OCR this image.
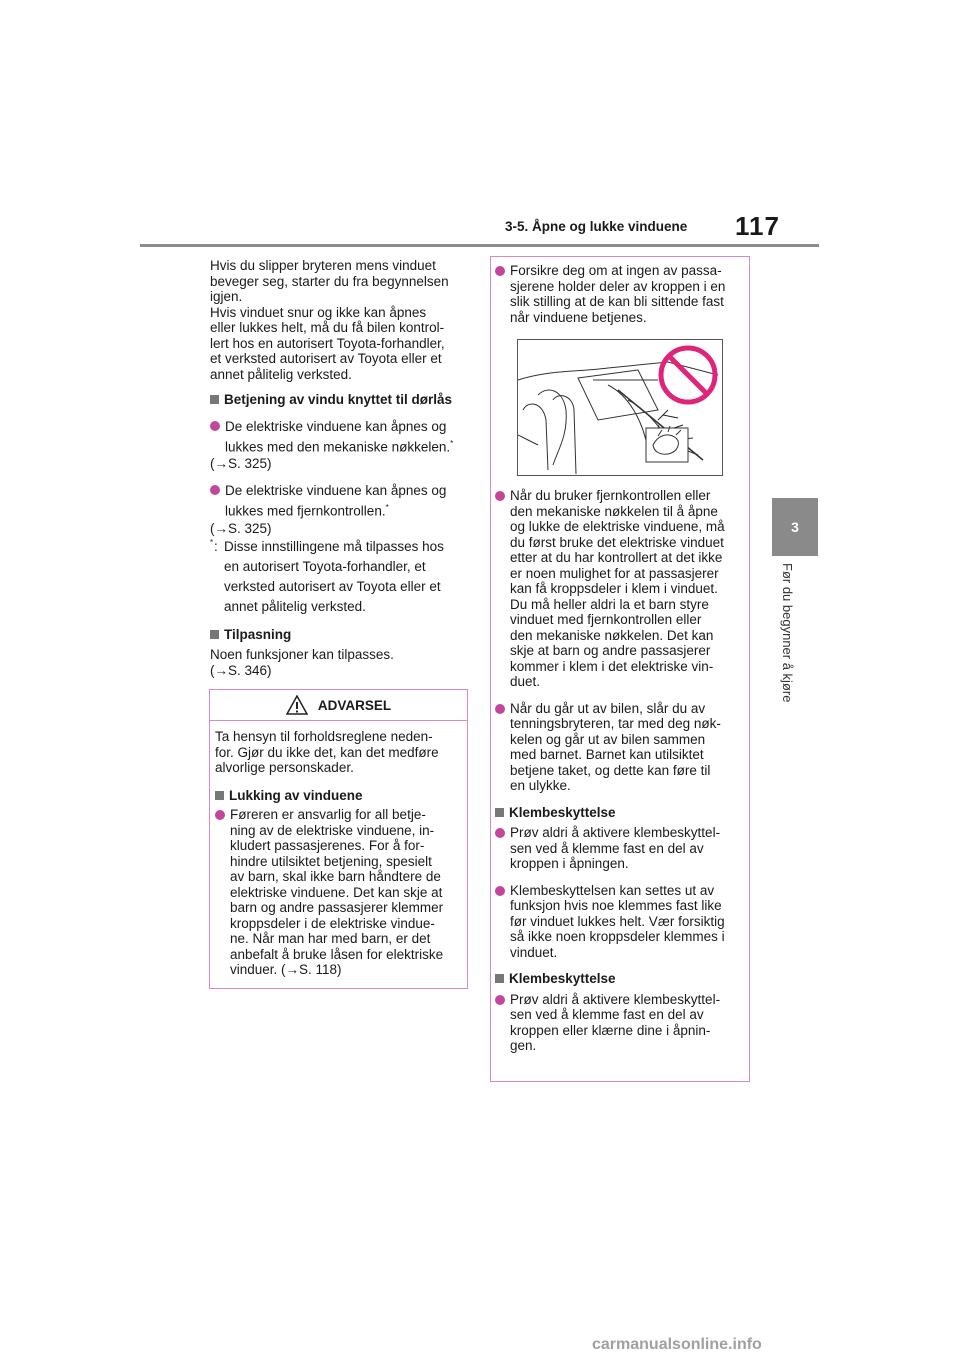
3-5. Åpne og lukke vinduene 117
3
Før du begynner å kjøre

Hvis du slipper bryteren mens vinduet
beveger seg, starter du fra begynnelsen
igjen.
Hvis vinduet snur og ikke kan åpnes
eller lukkes helt, må du få bilen kontrol-
lert hos en autorisert Toyota-forhandler,
et verksted autorisert av Toyota eller et
annet pålitelig verksted.

Betjening av vindu knyttet til dørlås

De elektriske vinduene kan åpnes og
lukkes med den mekaniske nøkkelen.*
(→S. 325)
De elektriske vinduene kan åpnes og
lukkes med fjernkontrollen.*
(→S. 325)
* : Disse innstillingene må tilpasses hos
en autorisert Toyota-forhandler, et
verksted autorisert av Toyota eller et
annet pålitelig verksted.

Tilpasning

Noen funksjoner kan tilpasses.
(→S. 346)

ADVARSEL

Ta hensyn til forholdsreglene neden-
for. Gjør du ikke det, kan det medføre
alvorlige personskader.

Lukking av vinduene

Føreren er ansvarlig for all betje-
ning av de elektriske vinduene, in-
kludert passasjerenes. For å for-
hindre utilsiktet betjening, spesielt
av barn, skal ikke barn håndtere de
elektriske vinduene. Det kan skje at
barn og andre passasjerer klemmer
kroppsdeler i de elektriske vindue-
ne. Når man har med barn, er det
anbefalt å bruke låsen for elektriske
vinduer. (→S. 118)
Forsikre deg om at ingen av passa-
sjerene holder deler av kroppen i en
slik stilling at de kan bli sittende fast
når vinduene betjenes.
Når du bruker fjernkontrollen eller
den mekaniske nøkkelen til å åpne
og lukke de elektriske vinduene, må
du først bruke det elektriske vinduet
etter at du har kontrollert at det ikke
er noen mulighet for at passasjerer
kan få kroppsdeler i klem i vinduet.
Du må heller aldri la et barn styre
vinduet med fjernkontrollen eller
den mekaniske nøkkelen. Det kan
skje at barn og andre passasjerer
kommer i klem i det elektriske vin-
duet.
Når du går ut av bilen, slår du av
tenningsbryteren, tar med deg nøk-
kelen og går ut av bilen sammen
med barnet. Barnet kan utilsiktet
betjene taket, og dette kan føre til
en ulykke.

Klembeskyttelse

Prøv aldri å aktivere klembeskyttel-
sen ved å klemme fast en del av
kroppen i åpningen.
Klembeskyttelsen kan settes ut av
funksjon hvis noe klemmes fast like
før vinduet lukkes helt. Vær forsiktig
så ikke noen kroppsdeler klemmes i
vinduet.

Klembeskyttelse

Prøv aldri å aktivere klembeskyttel-
sen ved å klemme fast en del av
kroppen eller klærne dine i åpnin-
gen.
carmanualsonline.info
